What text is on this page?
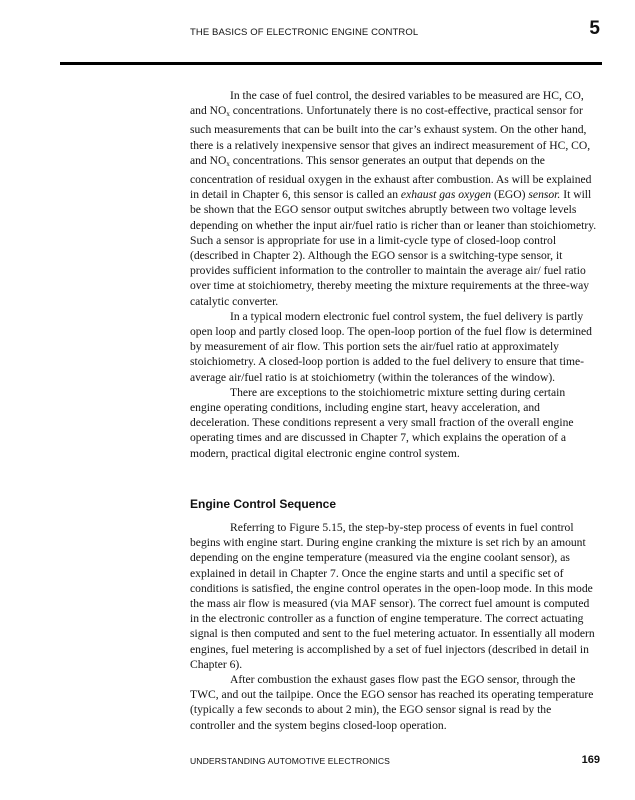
THE BASICS OF ELECTRONIC ENGINE CONTROL	5

In the case of fuel control, the desired variables to be measured are HC, CO, and $NO_x$ concentrations. Unfortunately there is no cost-effective, practical sensor for such measurements that can be built into the car’s exhaust system. On the other hand, there is a relatively inexpensive sensor that gives an indirect measurement of HC, CO, and $NO_x$ concentrations. This sensor generates an output that depends on the concentration of residual oxygen in the exhaust after combustion. As will be explained in detail in Chapter 6, this sensor is called an exhaust gas oxygen (EGO) sensor. It will be shown that the EGO sensor output switches abruptly between two voltage levels depending on whether the input air/fuel ratio is richer than or leaner than stoichiometry. Such a sensor is appropriate for use in a limit-cycle type of closed-loop control (described in Chapter 2). Although the EGO sensor is a switching-type sensor, it provides sufficient information to the controller to maintain the average air/ fuel ratio over time at stoichiometry, thereby meeting the mixture requirements at the three-way catalytic converter.

In a typical modern electronic fuel control system, the fuel delivery is partly open loop and partly closed loop. The open-loop portion of the fuel flow is determined by measurement of air flow. This portion sets the air/fuel ratio at approximately stoichiometry. A closed-loop portion is added to the fuel delivery to ensure that time-average air/fuel ratio is at stoichiometry (within the tolerances of the window).

There are exceptions to the stoichiometric mixture setting during certain engine operating conditions, including engine start, heavy acceleration, and deceleration. These conditions represent a very small fraction of the overall engine operating times and are discussed in Chapter 7, which explains the operation of a modern, practical digital electronic engine control system.

Engine Control Sequence

Referring to Figure 5.15, the step-by-step process of events in fuel control begins with engine start. During engine cranking the mixture is set rich by an amount depending on the engine temperature (measured via the engine coolant sensor), as explained in detail in Chapter 7. Once the engine starts and until a specific set of conditions is satisfied, the engine control operates in the open-loop mode. In this mode the mass air flow is measured (via MAF sensor). The correct fuel amount is computed in the electronic controller as a function of engine temperature. The correct actuating signal is then computed and sent to the fuel metering actuator. In essentially all modern engines, fuel metering is accomplished by a set of fuel injectors (described in detail in Chapter 6).

After combustion the exhaust gases flow past the EGO sensor, through the TWC, and out the tailpipe. Once the EGO sensor has reached its operating temperature (typically a few seconds to about 2 min), the EGO sensor signal is read by the controller and the system begins closed-loop operation.

UNDERSTANDING AUTOMOTIVE ELECTRONICS	169
